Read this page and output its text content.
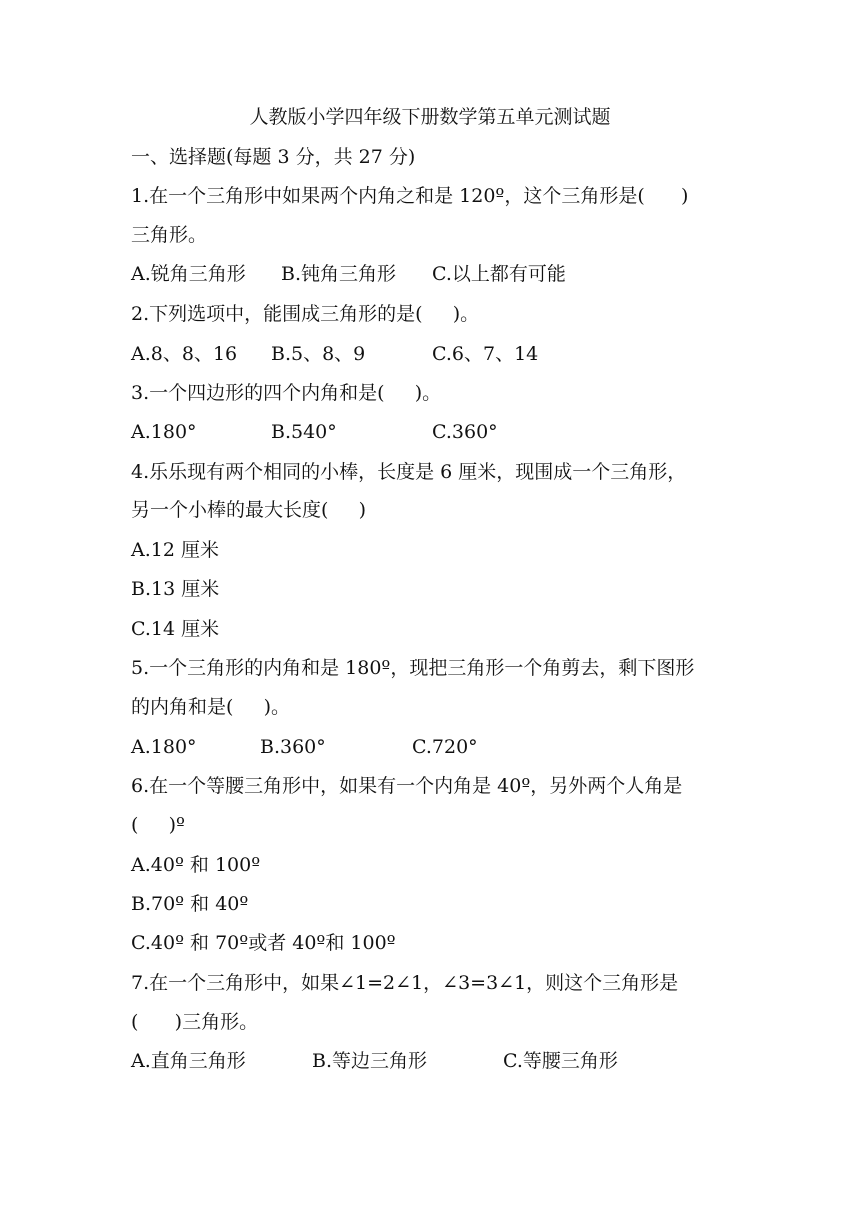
人教版小学四年级下册数学第五单元测试题
一、选择题(每题 3 分，共 27 分)
1.在一个三角形中如果两个内角之和是 120º，这个三角形是(      )
三角形。
A.锐角三角形 B.钝角三角形 C.以上都有可能
2.下列选项中，能围成三角形的是(     )。
A.8、8、16 B.5、8、9	C.6、7、14
3.一个四边形的四个内角和是(     )。
A.180°	B.540°	C.360°
4.乐乐现有两个相同的小棒，长度是 6 厘米，现围成一个三角形，
另一个小棒的最大长度(     )
A.12 厘米
B.13 厘米
C.14 厘米
5.一个三角形的内角和是 180º，现把三角形一个角剪去，剩下图形
的内角和是(     )。
A.180°	B.360°	C.720°
6.在一个等腰三角形中，如果有一个内角是 40º，另外两个人角是
(     )º
A.40º 和 100º
B.70º 和 40º
C.40º 和 70º或者 40º和 100º
7.在一个三角形中，如果∠1=2∠1，∠3=3∠1，则这个三角形是
(      )三角形。
A.直角三角形	B.等边三角形	C.等腰三角形
